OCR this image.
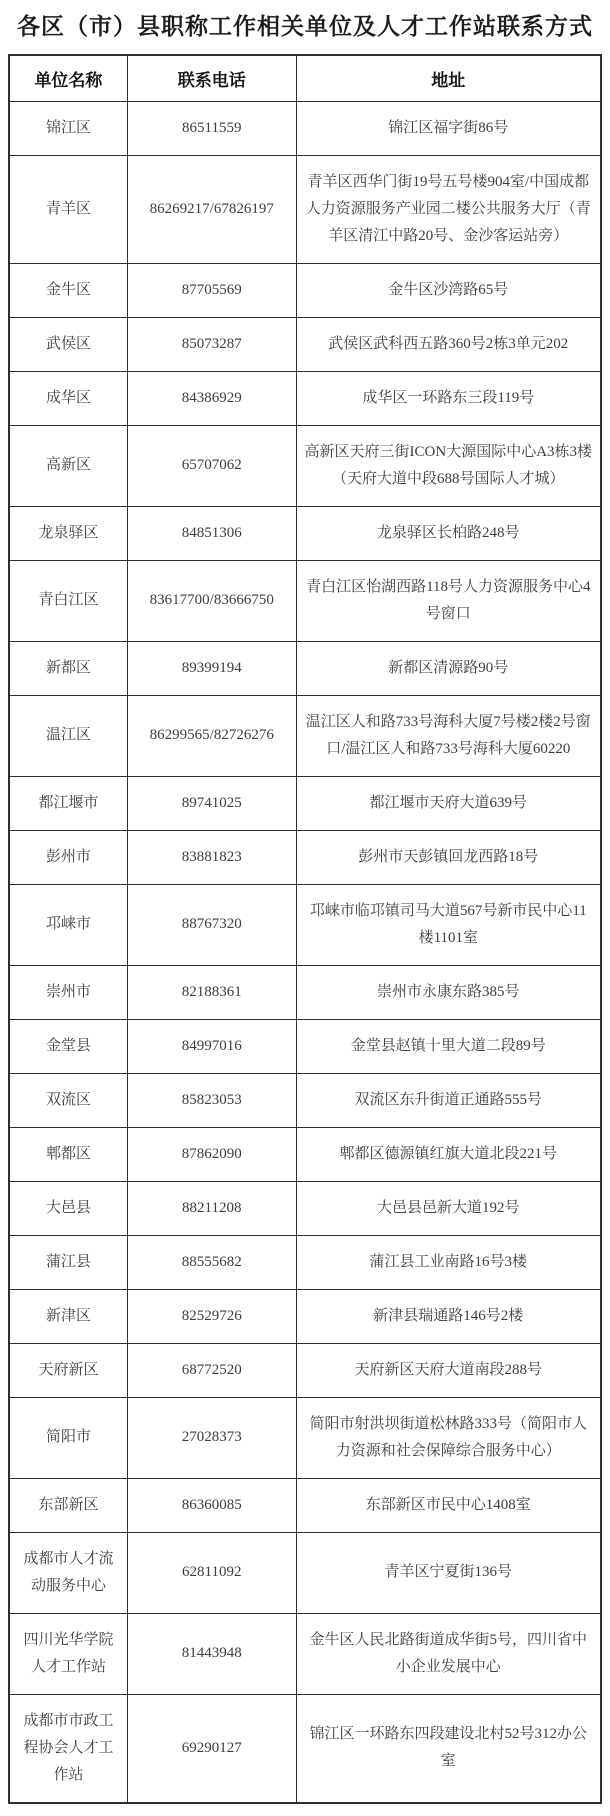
各区（市）县职称工作相关单位及人才工作站联系方式
单位名称	联系电话	地址
锦江区	86511559	锦江区福字街86号
青羊区	86269217/67826197	青羊区西华门街19号五号楼904室/中国成都人力资源服务产业园二楼公共服务大厅（青羊区清江中路20号、金沙客运站旁）
金牛区	87705569	金牛区沙湾路65号
武侯区	85073287	武侯区武科西五路360号2栋3单元202
成华区	84386929	成华区一环路东三段119号
高新区	65707062	高新区天府三街ICON大源国际中心A3栋3楼（天府大道中段688号国际人才城）
龙泉驿区	84851306	龙泉驿区长柏路248号
青白江区	83617700/83666750	青白江区怡湖西路118号人力资源服务中心4号窗口
新都区	89399194	新都区清源路90号
温江区	86299565/82726276	温江区人和路733号海科大厦7号楼2楼2号窗口/温江区人和路733号海科大厦60220
都江堰市	89741025	都江堰市天府大道639号
彭州市	83881823	彭州市天彭镇回龙西路18号
邛崃市	88767320	邛崃市临邛镇司马大道567号新市民中心11楼1101室
崇州市	82188361	崇州市永康东路385号
金堂县	84997016	金堂县赵镇十里大道二段89号
双流区	85823053	双流区东升街道正通路555号
郫都区	87862090	郫都区德源镇红旗大道北段221号
大邑县	88211208	大邑县邑新大道192号
蒲江县	88555682	蒲江县工业南路16号3楼
新津区	82529726	新津县瑞通路146号2楼
天府新区	68772520	天府新区天府大道南段288号
简阳市	27028373	简阳市射洪坝街道松林路333号（简阳市人力资源和社会保障综合服务中心）
东部新区	86360085	东部新区市民中心1408室
成都市人才流动服务中心	62811092	青羊区宁夏街136号
四川光华学院人才工作站	81443948	金牛区人民北路街道成华街5号，四川省中小企业发展中心
成都市市政工程协会人才工作站	69290127	锦江区一环路东四段建设北村52号312办公室
